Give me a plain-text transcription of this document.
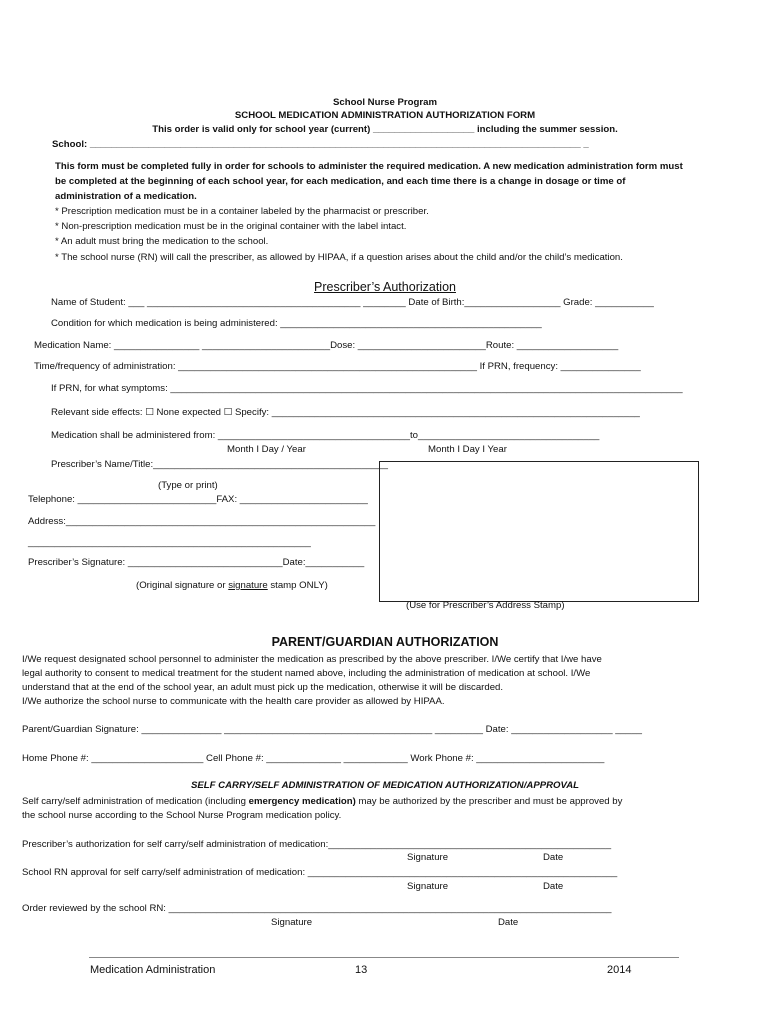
School Nurse Program
SCHOOL MEDICATION ADMINISTRATION AUTHORIZATION FORM
This order is valid only for school year (current) ___________________ including the summer session.
School: ____________________________________________________________________________________________ _
This form must be completed fully in order for schools to administer the required medication. A new medication administration form must
be completed at the beginning of each school year, for each medication, and each time there is a change in dosage or time of
administration of a medication.
* Prescription medication must be in a container labeled by the pharmacist or prescriber.
* Non-prescription medication must be in the original container with the label intact.
* An adult must bring the medication to the school.
* The school nurse (RN) will call the prescriber, as allowed by HIPAA, if a question arises about the child and/or the child’s medication.
Prescriber’s Authorization
Name of Student: ___ ________________________________________ ________ Date of Birth:__________________ Grade: ___________
Condition for which medication is being administered: _________________________________________________
Medication Name: ________________ ________________________Dose: ________________________Route: ___________________
Time/frequency of administration: ________________________________________________________ If PRN, frequency: _______________
If PRN, for what symptoms: ________________________________________________________________________________________________
Relevant side effects: ☐ None expected ☐ Specify: _____________________________________________________________________
Medication shall be administered from: ____________________________________to__________________________________
Month I Day / Year	Month I Day I Year
Prescriber’s Name/Title:____________________________________________
(Type or print)
Telephone: __________________________FAX: ________________________
Address:__________________________________________________________
_____________________________________________________
Prescriber’s Signature: _____________________________Date:___________
(Original signature or signature stamp ONLY)
(Use for Prescriber’s Address Stamp)
PARENT/GUARDIAN AUTHORIZATION
I/We request designated school personnel to administer the medication as prescribed by the above prescriber. I/We certify that I/we have
legal authority to consent to medical treatment for the student named above, including the administration of medication at school. I/We
understand that at the end of the school year, an adult must pick up the medication, otherwise it will be discarded.
I/We authorize the school nurse to communicate with the health care provider as allowed by HIPAA.
Parent/Guardian Signature: _______________ _______________________________________ _________ Date: ___________________ _____
Home Phone #: _____________________ Cell Phone #: ______________ ____________ Work Phone #: ________________________
SELF CARRY/SELF ADMINISTRATION OF MEDICATION AUTHORIZATION/APPROVAL
Self carry/self administration of medication (including emergency medication) may be authorized by the prescriber and must be approved by
the school nurse according to the School Nurse Program medication policy.
Prescriber’s authorization for self carry/self administration of medication:_____________________________________________________
Signature	Date
School RN approval for self carry/self administration of medication: __________________________________________________________
Signature	Date
Order reviewed by the school RN: ___________________________________________________________________________________
Signature	Date
Medication Administration	13	2014
